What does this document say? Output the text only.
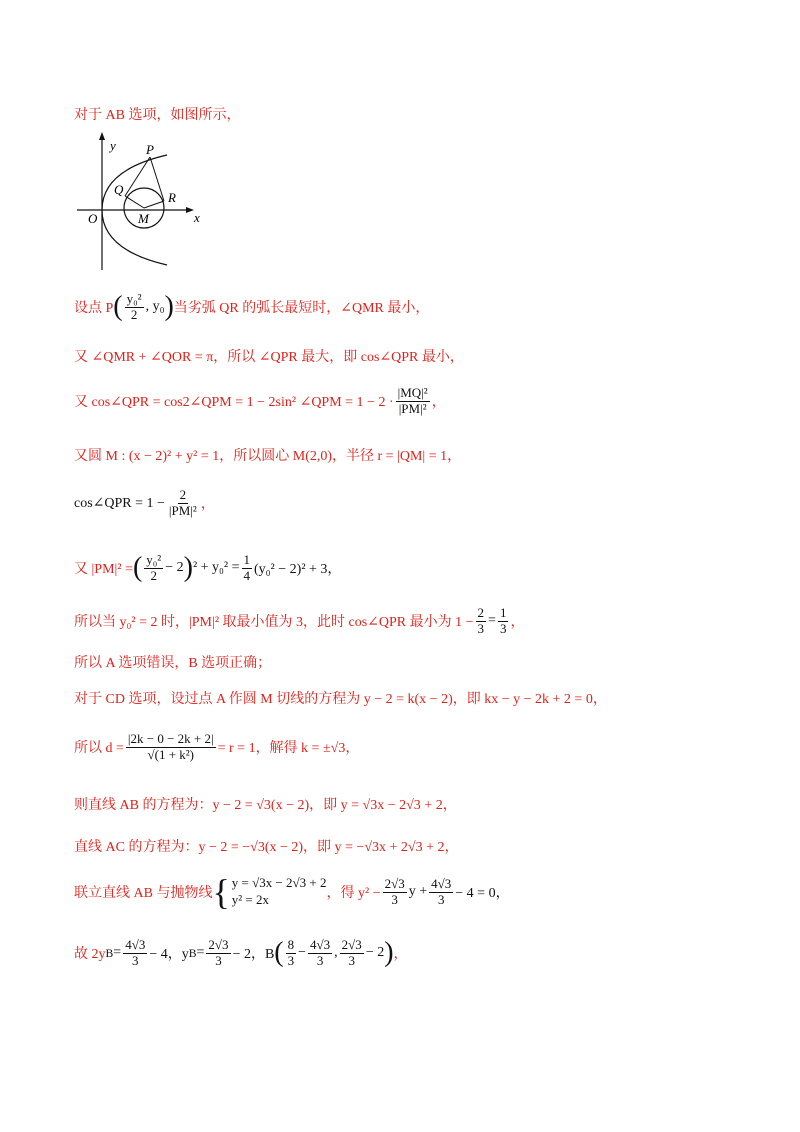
对于 AB 选项，如图所示，
y
x
O
P
Q
M
R
设点 P ( $\frac{\text{y₀²}}{2}$ , y₀ ) 当劣弧 QR 的弧长最短时，∠QMR 最小，
又 ∠QMR + ∠QOR = π，所以 ∠QPR 最大，即 cos∠QPR 最小，
又 cos∠QPR = cos2∠QPM = 1 − 2sin² ∠QPM = $1 - 2 \cdot \frac{\text{|MQ|²}}{\text{|PM|²}}$ ，
又圆 M : (x − 2)² + y² = 1，所以圆心 M(2,0)，半径 r = |QM| = 1，
cos∠QPR = $1 - \frac{2}{\text{|PM|²}}$ ，
又 |PM|² = ( $\frac{\text{y₀²}}{2} - 2$ ) $^2 + y_0^2 = \frac{1}{4} (y_0^2 - 2)^2 + 3$，
所以当 y₀² = 2 时，|PM|² 取最小值为 3，此时 cos∠QPR 最小为 $1 - \frac{2}{3} = \frac{1}{3}$ ，
所以 A 选项错误，B 选项正确；
对于 CD 选项，设过点 A 作圆 M 切线的方程为 y − 2 = k(x − 2)，即 kx − y − 2k + 2 = 0，
所以 $d = \frac{|2k - 0 - 2k + 2|}{\text{√(1 + k²)}} = r = 1$，解得 k = ±√3，
则直线 AB 的方程为：y − 2 = √3(x − 2)，即 y = √3x − 2√3 + 2，
直线 AC 的方程为：y − 2 = −√3(x − 2)，即 y = −√3x + 2√3 + 2，
联立直线 AB 与抛物线 { y = √3x − 2√3 + 2
y² = 2x	，得 $y^2 - \frac{2√3}{3}$ $y + \frac{4√3}{3} - 4 = 0$，
故 2y $B = \frac{4√3}{3} - 4$，y $B = \frac{2√3}{3} - 2$，B ( $\frac{8}{3} - \frac{4√3}{3}$ , $\frac{2√3}{3} - 2$ ) ，
